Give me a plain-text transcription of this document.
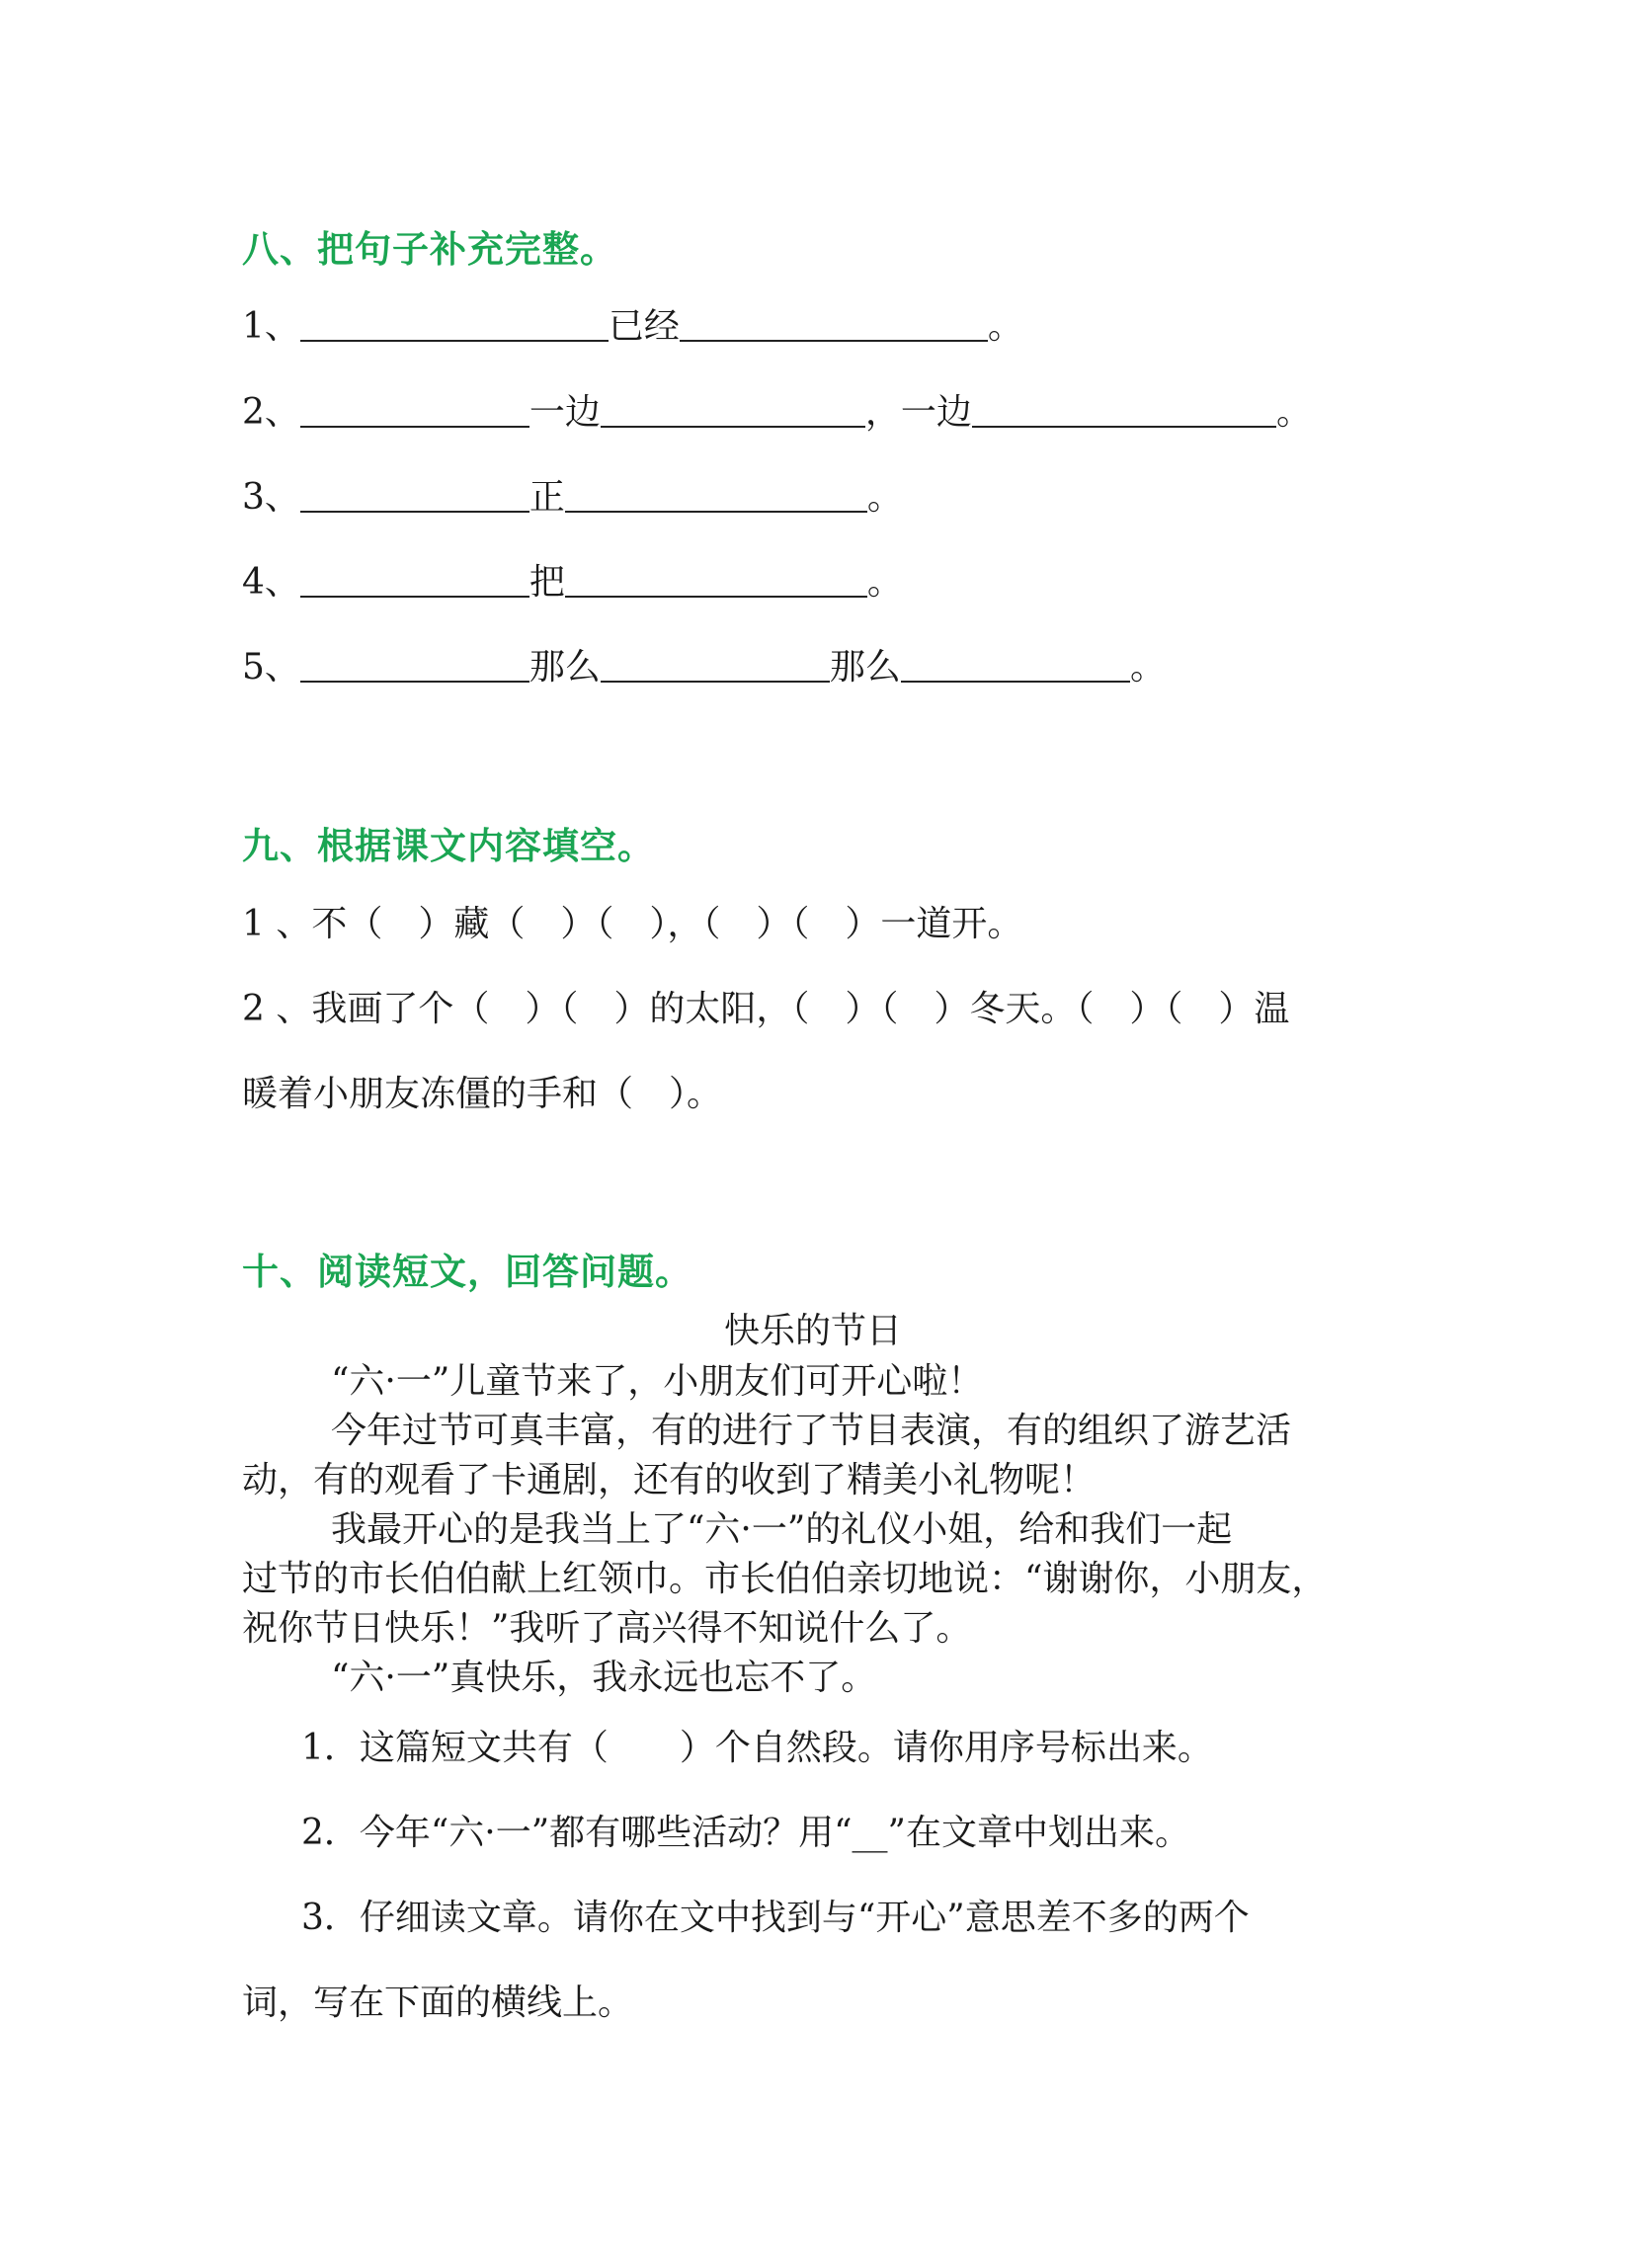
八、把句子补充完整。
1、	已经	。
2、	一边	，一边	。
3、	正	。
4、	把	。
5、	那么	那么	。
九、根据课文内容填空。
1 、不（　）藏（　）（　），（　）（　）一道开。
2 、我画了个（　）（　）的太阳，（　）（　）冬天。（　）（　）温
暖着小朋友冻僵的手和（　）。
十、阅读短文，回答问题。
快乐的节日
“六·一”儿童节来了，小朋友们可开心啦！
今年过节可真丰富，有的进行了节目表演，有的组织了游艺活
动，有的观看了卡通剧，还有的收到了精美小礼物呢！
我最开心的是我当上了“六·一”的礼仪小姐，给和我们一起
过节的市长伯伯献上红领巾。市长伯伯亲切地说：“谢谢你，小朋友，
祝你节日快乐！”我听了高兴得不知说什么了。
“六·一”真快乐，我永远也忘不了。
1．这篇短文共有（　　）个自然段。请你用序号标出来。
2．今年“六·一”都有哪些活动？用“__”在文章中划出来。
3．仔细读文章。请你在文中找到与“开心”意思差不多的两个
词，写在下面的横线上。
